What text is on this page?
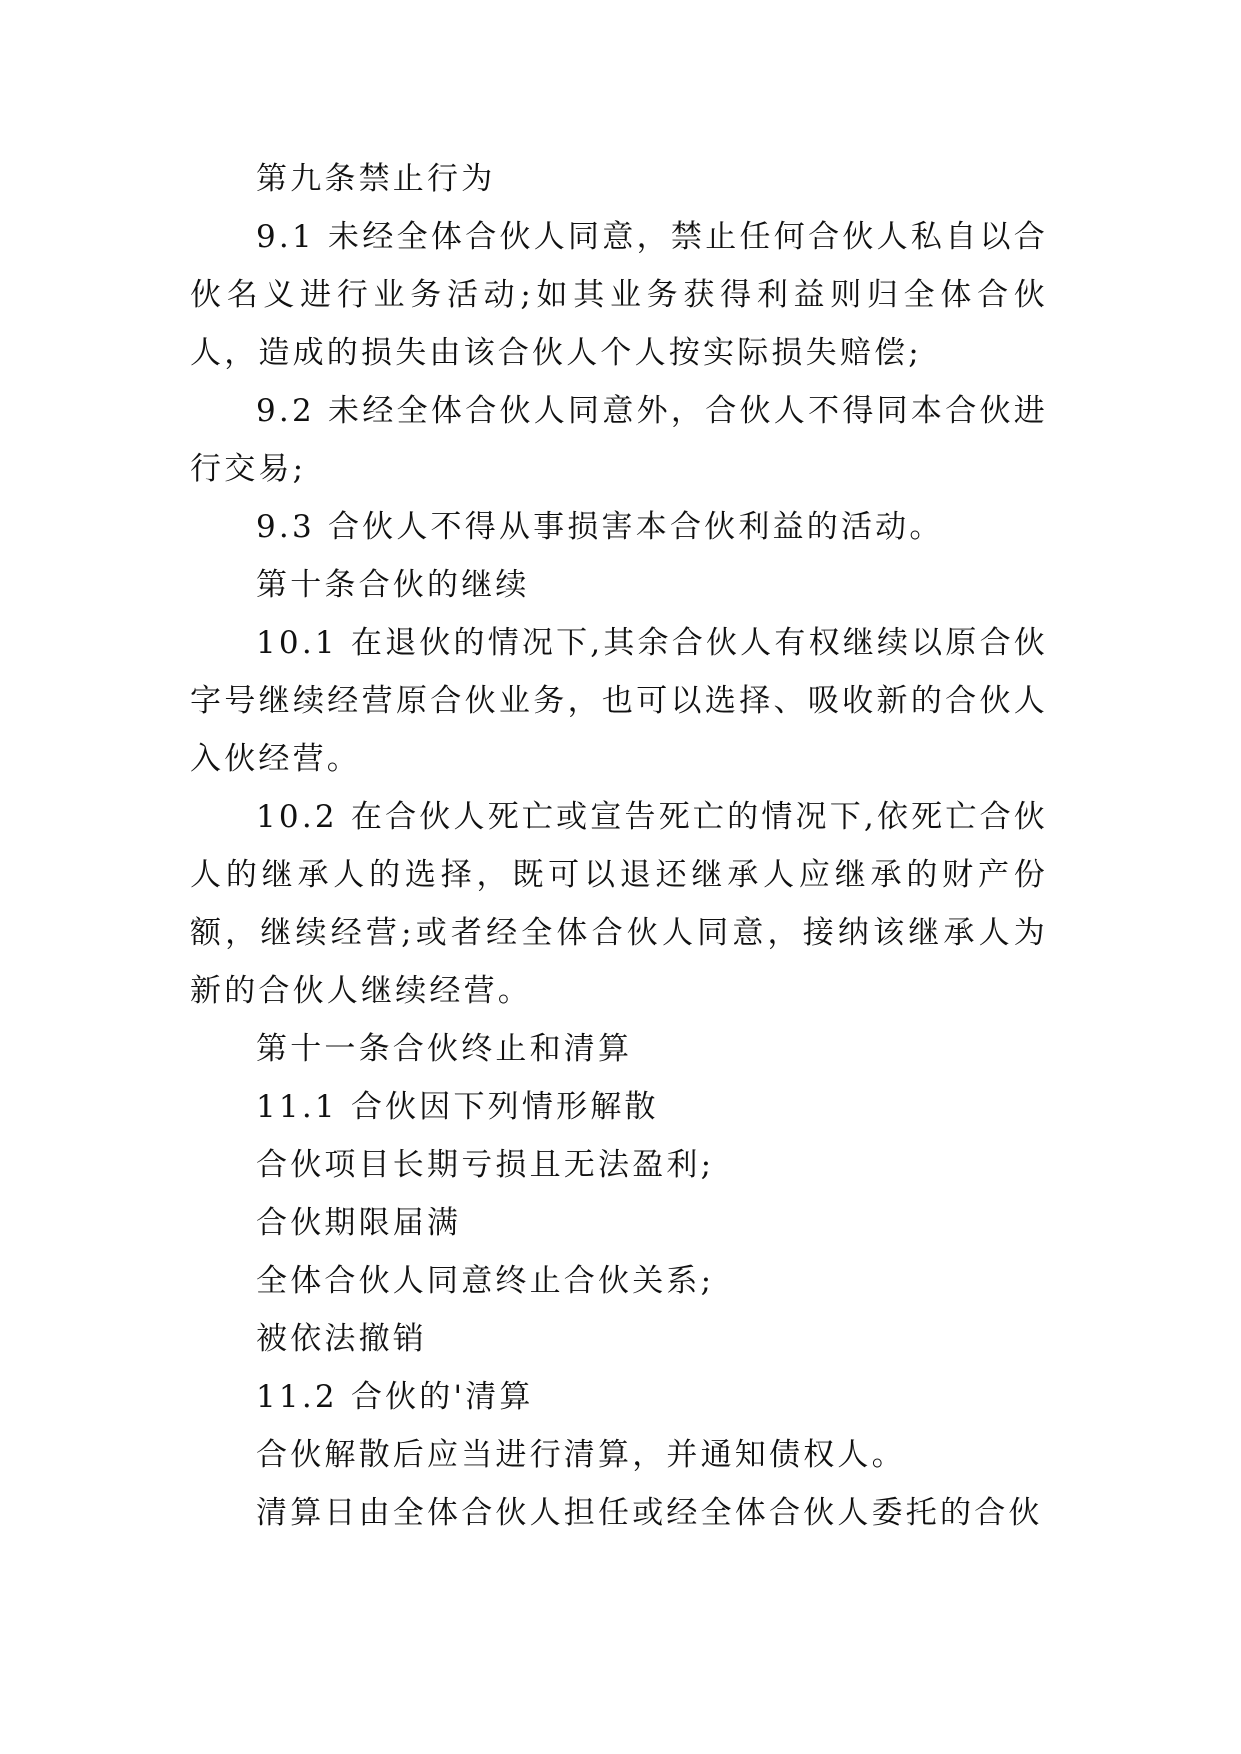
第九条禁止行为

9.1 未经全体合伙人同意，禁止任何合伙人私自以合伙名义进行业务活动;如其业务获得利益则归全体合伙人，造成的损失由该合伙人个人按实际损失赔偿;

9.2 未经全体合伙人同意外，合伙人不得同本合伙进行交易;

9.3 合伙人不得从事损害本合伙利益的活动。

第十条合伙的继续

10.1 在退伙的情况下,其余合伙人有权继续以原合伙字号继续经营原合伙业务，也可以选择、吸收新的合伙人入伙经营。

10.2 在合伙人死亡或宣告死亡的情况下,依死亡合伙人的继承人的选择，既可以退还继承人应继承的财产份额，继续经营;或者经全体合伙人同意，接纳该继承人为新的合伙人继续经营。

第十一条合伙终止和清算

11.1 合伙因下列情形解散

合伙项目长期亏损且无法盈利;

合伙期限届满

全体合伙人同意终止合伙关系;

被依法撤销

11.2 合伙的'清算

合伙解散后应当进行清算，并通知债权人。

清算日由全体合伙人担任或经全体合伙人委托的合伙
